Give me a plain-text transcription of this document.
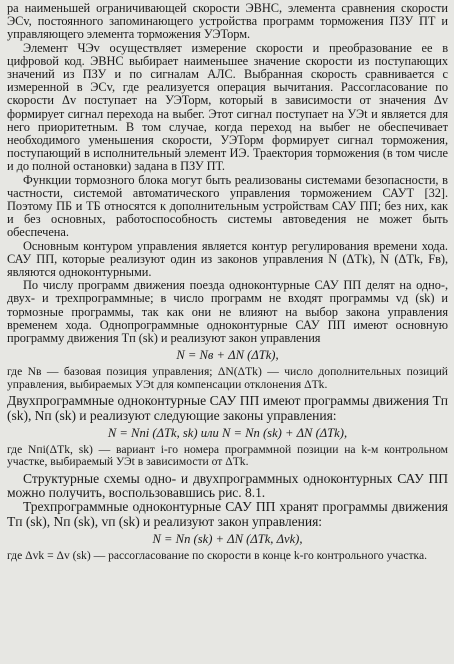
ра наименьшей ограничивающей скорости ЭВНС, элемента сравнения скорости ЭСv, постоянного запоминающего устройства программ торможения ПЗУ ПТ и управляющего элемента торможения УЭТорм.

Элемент ЧЭv осуществляет измерение скорости и преобразование ее в цифровой код. ЭВНС выбирает наименьшее значение скорости из поступающих значений из ПЗУ и по сигналам АЛС. Выбранная скорость сравнивается с измеренной в ЭСv, где реализуется операция вычитания. Рассогласование по скорости Δv поступает на УЭТорм, который в зависимости от значения Δv формирует сигнал перехода на выбег. Этот сигнал поступает на УЭt и является для него приоритетным. В том случае, когда переход на выбег не обеспечивает необходимого уменьшения скорости, УЭТорм формирует сигнал торможения, поступающий в исполнительный элемент ИЭ. Траектория торможения (в том числе и до полной остановки) задана в ПЗУ ПТ.

Функции тормозного блока могут быть реализованы системами безопасности, в частности, системой автоматического управления торможением САУТ [32]. Поэтому ПБ и ТБ относятся к дополнительным устройствам САУ ПП; без них, как и без основных, работоспособность системы автоведения не может быть обеспечена.

Основным контуром управления является контур регулирования времени хода. САУ ПП, которые реализуют один из законов управления N (ΔTk), N (ΔTk, Fв), являются одноконтурными.

По числу программ движения поезда одноконтурные САУ ПП делят на одно-, двух- и трехпрограммные; в число программ не входят программы vд (sk) и тормозные программы, так как они не влияют на выбор закона управления временем хода. Однопрограммные одноконтурные САУ ПП имеют основную программу движения Tп (sk) и реализуют закон управления

N = Nв + ΔN (ΔTk),

где Nв — базовая позиция управления; ΔN(ΔTk) — число дополнительных позиций управления, выбираемых УЭt для компенсации отклонения ΔTk.

Двухпрограммные одноконтурные САУ ПП имеют программы движения Tп (sk), Nп (sk) и реализуют следующие законы управления:

N = Nпi (ΔTk, sk) или N = Nп (sk) + ΔN (ΔTk),

где Nпi(ΔTk, sk) — вариант i-го номера программной позиции на k-м контрольном участке, выбираемый УЭt в зависимости от ΔTk.

Структурные схемы одно- и двухпрограммных одноконтурных САУ ПП можно получить, воспользовавшись рис. 8.1.

Трехпрограммные одноконтурные САУ ПП хранят программы движения Tп (sk), Nп (sk), vп (sk) и реализуют закон управления:

N = Nп (sk) + ΔN (ΔTk, Δvk),

где Δvk = Δv (sk) — рассогласование по скорости в конце k-го контрольного участка.
